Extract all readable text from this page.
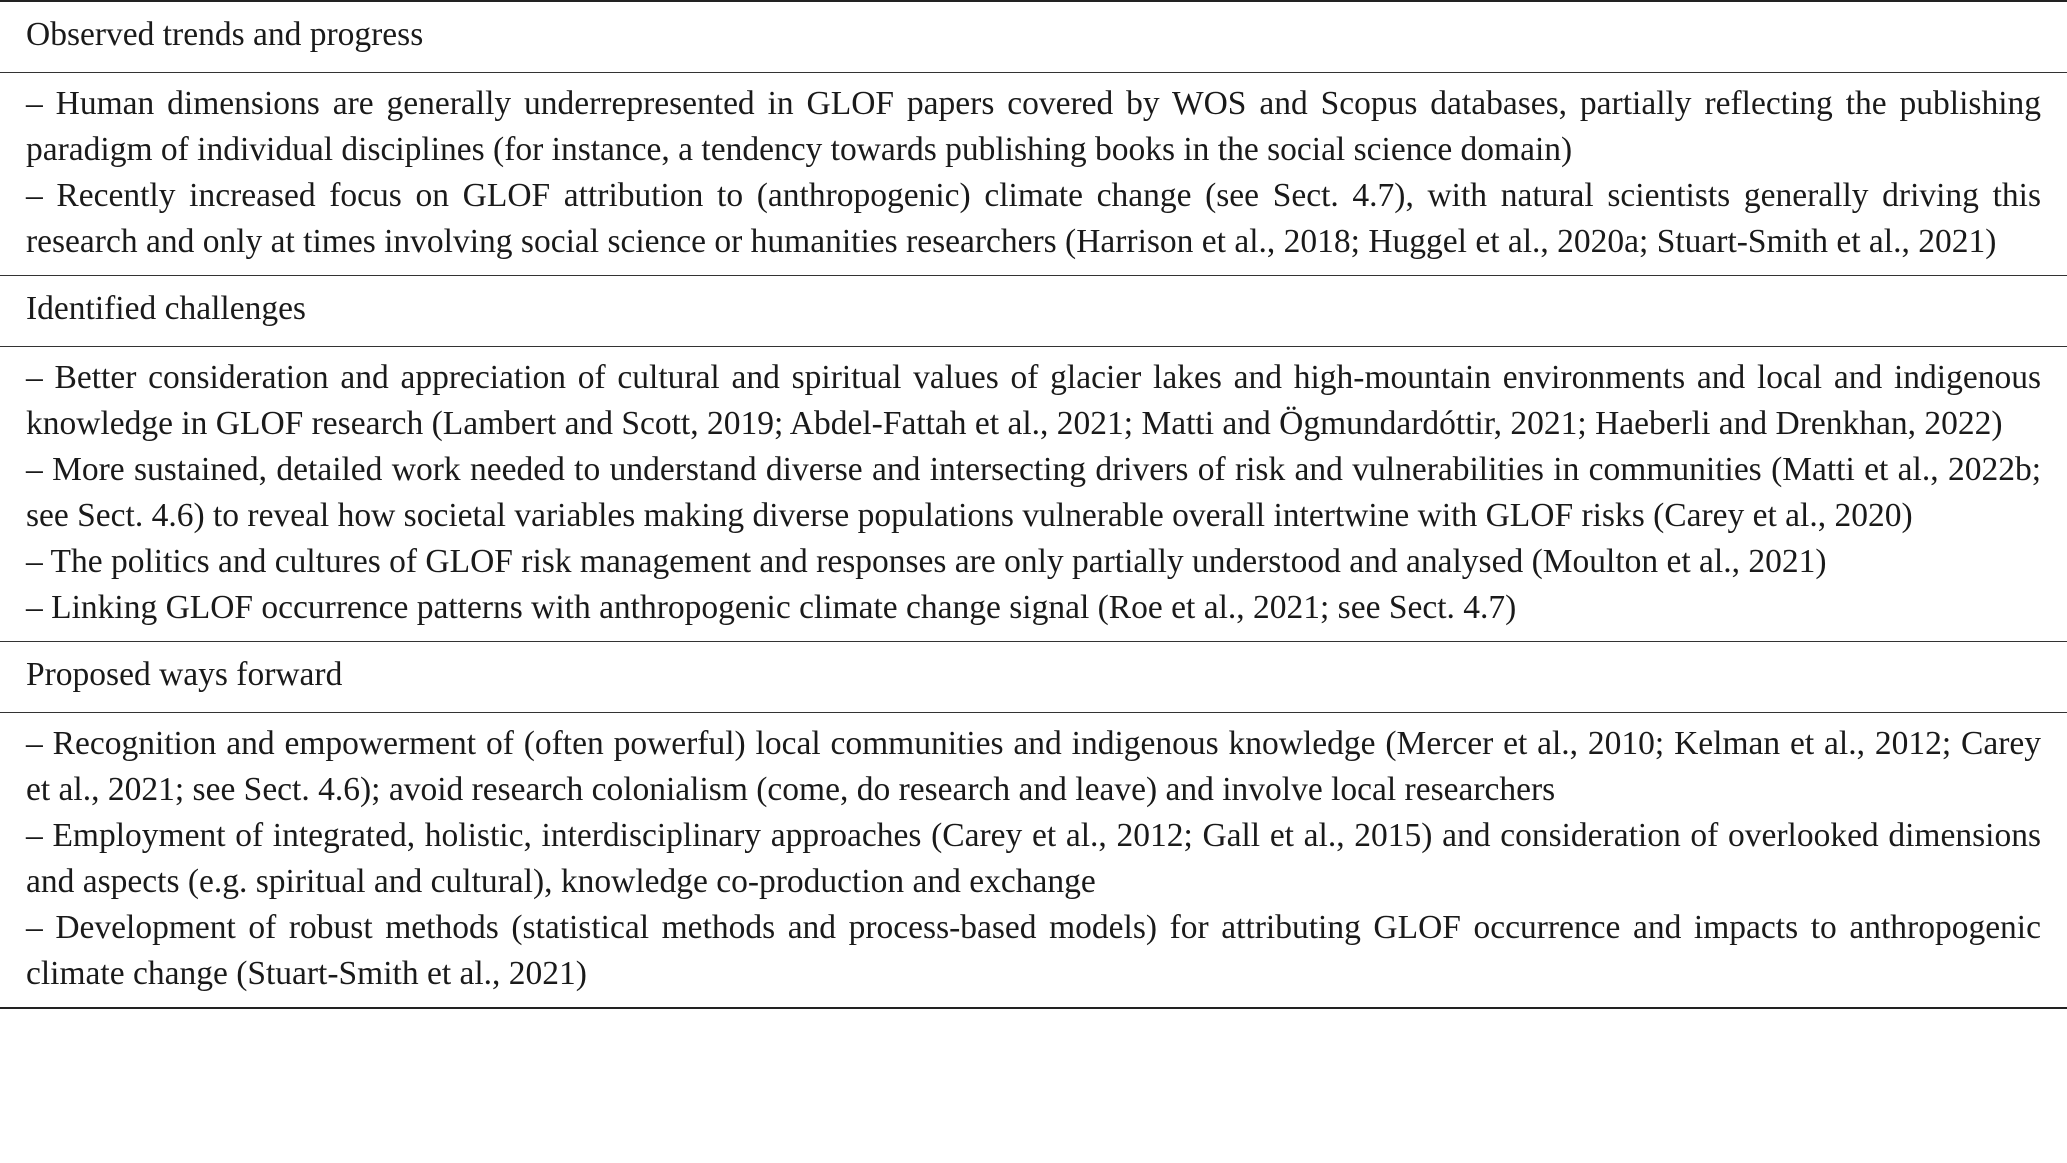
Observed trends and progress

– Human dimensions are generally underrepresented in GLOF papers covered by WOS and Scopus databases, partially reflecting the publishing paradigm of individual disciplines (for instance, a tendency towards publishing books in the social science domain)

– Recently increased focus on GLOF attribution to (anthropogenic) climate change (see Sect. 4.7), with natural scientists generally driving this research and only at times involving social science or humanities researchers (Harrison et al., 2018; Huggel et al., 2020a; Stuart-Smith et al., 2021)

Identified challenges

– Better consideration and appreciation of cultural and spiritual values of glacier lakes and high-mountain environments and local and indigenous knowledge in GLOF research (Lambert and Scott, 2019; Abdel-Fattah et al., 2021; Matti and Ögmundardóttir, 2021; Haeberli and Drenkhan, 2022)

– More sustained, detailed work needed to understand diverse and intersecting drivers of risk and vulnerabilities in communities (Matti et al., 2022b; see Sect. 4.6) to reveal how societal variables making diverse populations vulnerable overall intertwine with GLOF risks (Carey et al., 2020)

– The politics and cultures of GLOF risk management and responses are only partially understood and analysed (Moulton et al., 2021)

– Linking GLOF occurrence patterns with anthropogenic climate change signal (Roe et al., 2021; see Sect. 4.7)

Proposed ways forward

– Recognition and empowerment of (often powerful) local communities and indigenous knowledge (Mercer et al., 2010; Kelman et al., 2012; Carey et al., 2021; see Sect. 4.6); avoid research colonialism (come, do research and leave) and involve local researchers

– Employment of integrated, holistic, interdisciplinary approaches (Carey et al., 2012; Gall et al., 2015) and consideration of overlooked dimensions and aspects (e.g. spiritual and cultural), knowledge co-production and exchange

– Development of robust methods (statistical methods and process-based models) for attributing GLOF occurrence and impacts to anthropogenic climate change (Stuart-Smith et al., 2021)
